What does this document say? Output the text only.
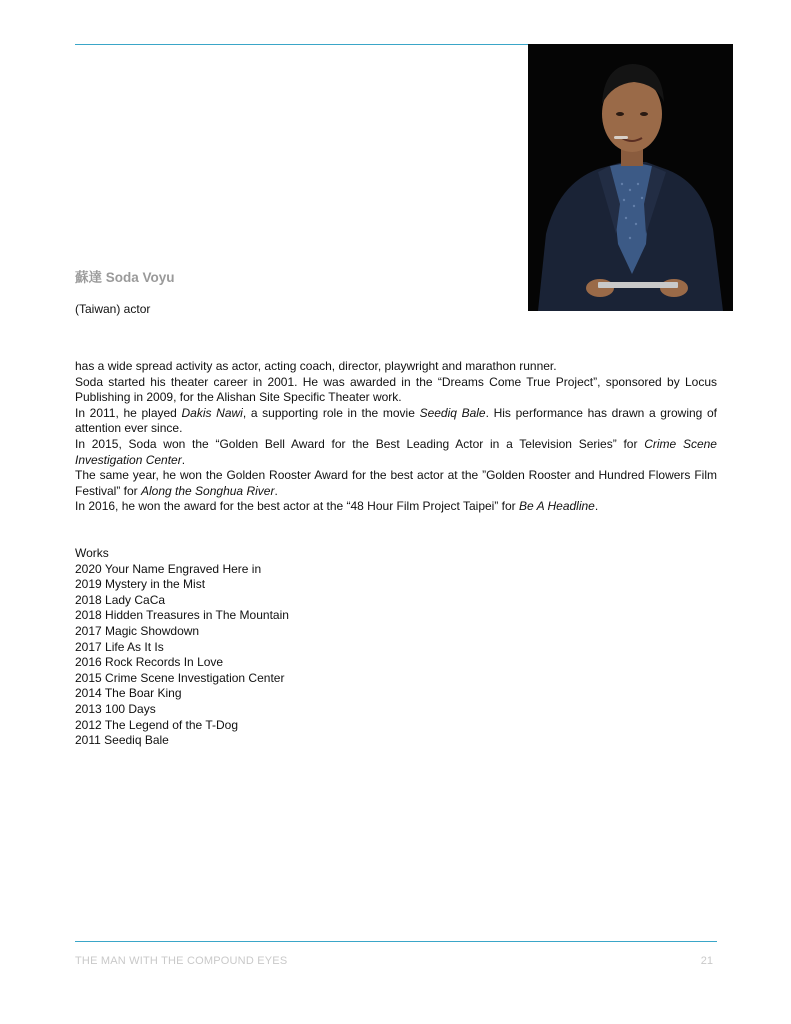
蘇達 Soda Voyu
(Taiwan) actor

has a wide spread activity as actor, acting coach, director, playwright and marathon runner.

Soda started his theater career in 2001. He was awarded in the “Dreams Come True Project”, sponsored by Locus Publishing in 2009, for the Alishan Site Specific Theater work.

In 2011, he played Dakis Nawi, a supporting role in the movie Seediq Bale. His performance has drawn a growing of attention ever since.

In 2015, Soda won the “Golden Bell Award for the Best Leading Actor in a Television Series” for Crime Scene Investigation Center.

The same year, he won the Golden Rooster Award for the best actor at the ”Golden Rooster and Hundred Flowers Film Festival” for Along the Songhua River.

In 2016, he won the award for the best actor at the “48 Hour Film Project Taipei” for Be A Headline.

Works
2020 Your Name Engraved Here in
2019 Mystery in the Mist
2018 Lady CaCa
2018 Hidden Treasures in The Mountain
2017 Magic Showdown
2017 Life As It Is
2016 Rock Records In Love
2015 Crime Scene Investigation Center
2014 The Boar King
2013 100 Days
2012 The Legend of the T-Dog
2011 Seediq Bale
THE MAN WITH THE COMPOUND EYES	21
